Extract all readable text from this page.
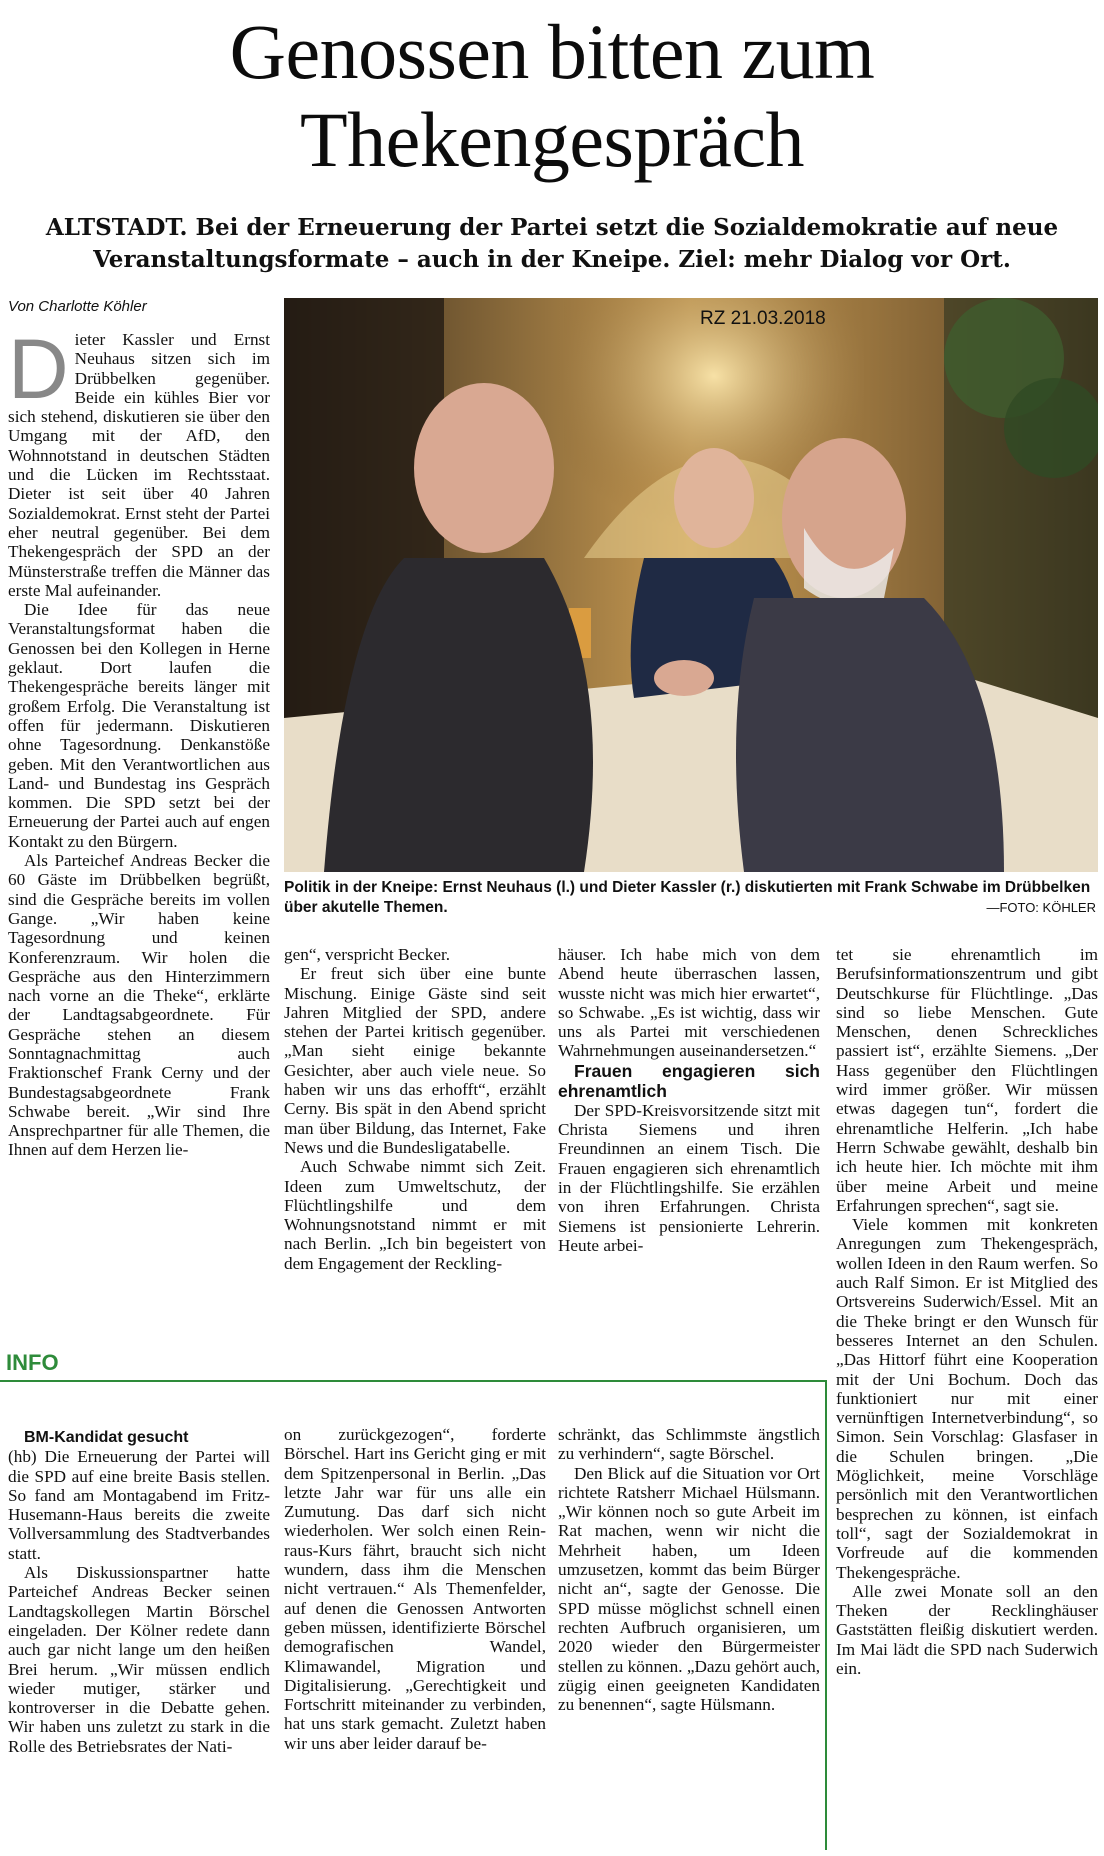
Genossen bitten zum Thekengespräch
ALTSTADT. Bei der Erneuerung der Partei setzt die Sozialdemokratie auf neue Veranstaltungsformate – auch in der Kneipe. Ziel: mehr Dialog vor Ort.
Von Charlotte Köhler

Dieter Kassler und Ernst Neuhaus sitzen sich im Drübbelken gegenüber. Beide ein kühles Bier vor sich stehend, diskutieren sie über den Umgang mit der AfD, den Wohnnotstand in deutschen Städten und die Lücken im Rechtsstaat. Dieter ist seit über 40 Jahren Sozialdemokrat. Ernst steht der Partei eher neutral gegenüber. Bei dem Thekengespräch der SPD an der Münsterstraße treffen die Männer das erste Mal aufeinander.

Die Idee für das neue Veranstaltungsformat haben die Genossen bei den Kollegen in Herne geklaut. Dort laufen die Thekengespräche bereits länger mit großem Erfolg. Die Veranstaltung ist offen für jedermann. Diskutieren ohne Tagesordnung. Denkanstöße geben. Mit den Verantwortlichen aus Land- und Bundestag ins Gespräch kommen. Die SPD setzt bei der Erneuerung der Partei auch auf engen Kontakt zu den Bürgern.

Als Parteichef Andreas Becker die 60 Gäste im Drübbelken begrüßt, sind die Gespräche bereits im vollen Gange. „Wir haben keine Tagesordnung und keinen Konferenzraum. Wir holen die Gespräche aus den Hinterzimmern nach vorne an die Theke“, erklärte der Landtagsabgeordnete. Für Gespräche stehen an diesem Sonntagnachmittag auch Fraktionschef Frank Cerny und der Bundestagsabgeordnete Frank Schwabe bereit. „Wir sind Ihre Ansprechpartner für alle Themen, die Ihnen auf dem Herzen lie-

RZ 21.03.2018
Politik in der Kneipe: Ernst Neuhaus (l.) und Dieter Kassler (r.) diskutierten mit Frank Schwabe im Drübbelken über akutelle Themen.	—FOTO: KÖHLER

gen“, verspricht Becker.

Er freut sich über eine bunte Mischung. Einige Gäste sind seit Jahren Mitglied der SPD, andere stehen der Partei kritisch gegenüber. „Man sieht einige bekannte Gesichter, aber auch viele neue. So haben wir uns das erhofft“, erzählt Cerny. Bis spät in den Abend spricht man über Bildung, das Internet, Fake News und die Bundesligatabelle.

Auch Schwabe nimmt sich Zeit. Ideen zum Umweltschutz, der Flüchtlingshilfe und dem Wohnungsnotstand nimmt er mit nach Berlin. „Ich bin begeistert von dem Engagement der Reckling-

häuser. Ich habe mich von dem Abend heute überraschen lassen, wusste nicht was mich hier erwartet“, so Schwabe. „Es ist wichtig, dass wir uns als Partei mit verschiedenen Wahrnehmungen auseinandersetzen.“

Frauen engagieren sich ehrenamtlich

Der SPD-Kreisvorsitzende sitzt mit Christa Siemens und ihren Freundinnen an einem Tisch. Die Frauen engagieren sich ehrenamtlich in der Flüchtlingshilfe. Sie erzählen von ihren Erfahrungen. Christa Siemens ist pensionierte Lehrerin. Heute arbei-

tet sie ehrenamtlich im Berufsinformationszentrum und gibt Deutschkurse für Flüchtlinge. „Das sind so liebe Menschen. Gute Menschen, denen Schreckliches passiert ist“, erzählte Siemens. „Der Hass gegenüber den Flüchtlingen wird immer größer. Wir müssen etwas dagegen tun“, fordert die ehrenamtliche Helferin. „Ich habe Herrn Schwabe gewählt, deshalb bin ich heute hier. Ich möchte mit ihm über meine Arbeit und meine Erfahrungen sprechen“, sagt sie.

Viele kommen mit konkreten Anregungen zum Thekengespräch, wollen Ideen in den Raum werfen. So auch Ralf Simon. Er ist Mitglied des Ortsvereins Suderwich/Essel. Mit an die Theke bringt er den Wunsch für besseres Internet an den Schulen. „Das Hittorf führt eine Kooperation mit der Uni Bochum. Doch das funktioniert nur mit einer vernünftigen Internetverbindung“, so Simon. Sein Vorschlag: Glasfaser in die Schulen bringen. „Die Möglichkeit, meine Vorschläge persönlich mit den Verantwortlichen besprechen zu können, ist einfach toll“, sagt der Sozialdemokrat in Vorfreude auf die kommenden Thekengespräche.

Alle zwei Monate soll an den Theken der Recklinghäuser Gaststätten fleißig diskutiert werden. Im Mai lädt die SPD nach Suderwich ein.

INFO

BM-Kandidat gesucht

(hb) Die Erneuerung der Partei will die SPD auf eine breite Basis stellen. So fand am Montagabend im Fritz-Husemann-Haus bereits die zweite Vollversammlung des Stadtverbandes statt.

Als Diskussionspartner hatte Parteichef Andreas Becker seinen Landtagskollegen Martin Börschel eingeladen. Der Kölner redete dann auch gar nicht lange um den heißen Brei herum. „Wir müssen endlich wieder mutiger, stärker und kontroverser in die Debatte gehen. Wir haben uns zuletzt zu stark in die Rolle des Betriebsrates der Nati-

on zurückgezogen“, forderte Börschel. Hart ins Gericht ging er mit dem Spitzenpersonal in Berlin. „Das letzte Jahr war für uns alle ein Zumutung. Das darf sich nicht wiederholen. Wer solch einen Rein-raus-Kurs fährt, braucht sich nicht wundern, dass ihm die Menschen nicht vertrauen.“ Als Themenfelder, auf denen die Genossen Antworten geben müssen, identifizierte Börschel demografischen Wandel, Klimawandel, Migration und Digitalisierung. „Gerechtigkeit und Fortschritt miteinander zu verbinden, hat uns stark gemacht. Zuletzt haben wir uns aber leider darauf be-

schränkt, das Schlimmste ängstlich zu verhindern“, sagte Börschel.

Den Blick auf die Situation vor Ort richtete Ratsherr Michael Hülsmann. „Wir können noch so gute Arbeit im Rat machen, wenn wir nicht die Mehrheit haben, um Ideen umzusetzen, kommt das beim Bürger nicht an“, sagte der Genosse. Die SPD müsse möglichst schnell einen rechten Aufbruch organisieren, um 2020 wieder den Bürgermeister stellen zu können. „Dazu gehört auch, zügig einen geeigneten Kandidaten zu benennen“, sagte Hülsmann.
